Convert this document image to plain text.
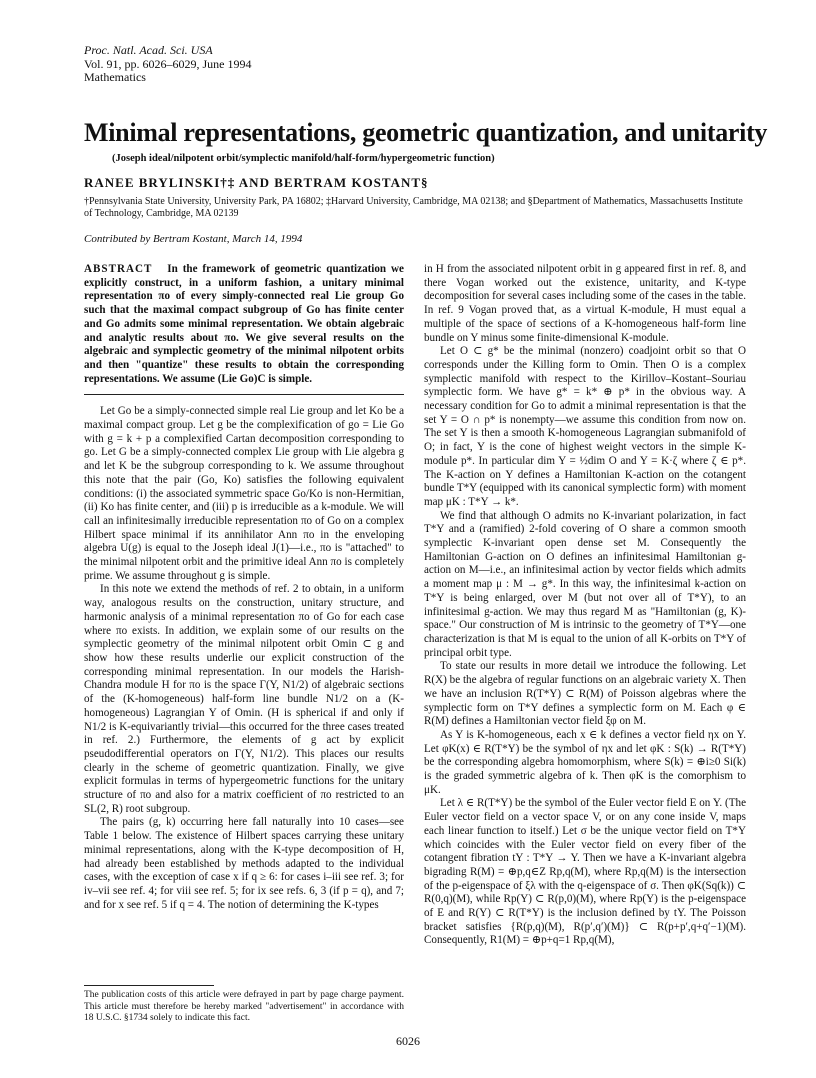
Proc. Natl. Acad. Sci. USA
Vol. 91, pp. 6026–6029, June 1994
Mathematics
Minimal representations, geometric quantization, and unitarity
(Joseph ideal/nilpotent orbit/symplectic manifold/half-form/hypergeometric function)
RANEE BRYLINSKI†‡ AND BERTRAM KOSTANT§
†Pennsylvania State University, University Park, PA 16802; ‡Harvard University, Cambridge, MA 02138; and §Department of Mathematics, Massachusetts Institute of Technology, Cambridge, MA 02139
Contributed by Bertram Kostant, March 14, 1994

ABSTRACT In the framework of geometric quantization we explicitly construct, in a uniform fashion, a unitary minimal representation πo of every simply-connected real Lie group Go such that the maximal compact subgroup of Go has finite center and Go admits some minimal representation. We obtain algebraic and analytic results about πo. We give several results on the algebraic and symplectic geometry of the minimal nilpotent orbits and then "quantize" these results to obtain the corresponding representations. We assume (Lie Go)C is simple.

Let Go be a simply-connected simple real Lie group and let Ko be a maximal compact group. Let g be the complexification of go = Lie Go with g = k + p a complexified Cartan decomposition corresponding to go. Let G be a simply-connected complex Lie group with Lie algebra g and let K be the subgroup corresponding to k. We assume throughout this note that the pair (Go, Ko) satisfies the following equivalent conditions: (i) the associated symmetric space Go/Ko is non-Hermitian, (ii) Ko has finite center, and (iii) p is irreducible as a k-module. We will call an infinitesimally irreducible representation πo of Go on a complex Hilbert space minimal if its annihilator Ann πo in the enveloping algebra U(g) is equal to the Joseph ideal J(1)—i.e., πo is "attached" to the minimal nilpotent orbit and the primitive ideal Ann πo is completely prime. We assume throughout g is simple.

In this note we extend the methods of ref. 2 to obtain, in a uniform way, analogous results on the construction, unitary structure, and harmonic analysis of a minimal representation πo of Go for each case where πo exists. In addition, we explain some of our results on the symplectic geometry of the minimal nilpotent orbit Omin ⊂ g and show how these results underlie our explicit construction of the corresponding minimal representation. In our models the Harish-Chandra module H for πo is the space Γ(Y, N1/2) of algebraic sections of the (K-homogeneous) half-form line bundle N1/2 on a (K-homogeneous) Lagrangian Y of Omin. (H is spherical if and only if N1/2 is K-equivariantly trivial—this occurred for the three cases treated in ref. 2.) Furthermore, the elements of g act by explicit pseudodifferential operators on Γ(Y, N1/2). This places our results clearly in the scheme of geometric quantization. Finally, we give explicit formulas in terms of hypergeometric functions for the unitary structure of πo and also for a matrix coefficient of πo restricted to an SL(2, R) root subgroup.

The pairs (g, k) occurring here fall naturally into 10 cases—see Table 1 below. The existence of Hilbert spaces carrying these unitary minimal representations, along with the K-type decomposition of H, had already been established by methods adapted to the individual cases, with the exception of case x if q ≥ 6: for cases i–iii see ref. 3; for iv–vii see ref. 4; for viii see ref. 5; for ix see refs. 6, 3 (if p = q), and 7; and for x see ref. 5 if q = 4. The notion of determining the K-types

in H from the associated nilpotent orbit in g appeared first in ref. 8, and there Vogan worked out the existence, unitarity, and K-type decomposition for several cases including some of the cases in the table. In ref. 9 Vogan proved that, as a virtual K-module, H must equal a multiple of the space of sections of a K-homogeneous half-form line bundle on Y minus some finite-dimensional K-module.

Let O ⊂ g* be the minimal (nonzero) coadjoint orbit so that O corresponds under the Killing form to Omin. Then O is a complex symplectic manifold with respect to the Kirillov–Kostant–Souriau symplectic form. We have g* = k* ⊕ p* in the obvious way. A necessary condition for Go to admit a minimal representation is that the set Y = O ∩ p* is nonempty—we assume this condition from now on. The set Y is then a smooth K-homogeneous Lagrangian submanifold of O; in fact, Y is the cone of highest weight vectors in the simple K-module p*. In particular dim Y = ½dim O and Y = K·ζ where ζ ∈ p*. The K-action on Y defines a Hamiltonian K-action on the cotangent bundle T*Y (equipped with its canonical symplectic form) with moment map μK : T*Y → k*.

We find that although O admits no K-invariant polarization, in fact T*Y and a (ramified) 2-fold covering of O share a common smooth symplectic K-invariant open dense set M. Consequently the Hamiltonian G-action on O defines an infinitesimal Hamiltonian g-action on M—i.e., an infinitesimal action by vector fields which admits a moment map μ : M → g*. In this way, the infinitesimal k-action on T*Y is being enlarged, over M (but not over all of T*Y), to an infinitesimal g-action. We may thus regard M as "Hamiltonian (g, K)-space." Our construction of M is intrinsic to the geometry of T*Y—one characterization is that M is equal to the union of all K-orbits on T*Y of principal orbit type.

To state our results in more detail we introduce the following. Let R(X) be the algebra of regular functions on an algebraic variety X. Then we have an inclusion R(T*Y) ⊂ R(M) of Poisson algebras where the symplectic form on T*Y defines a symplectic form on M. Each φ ∈ R(M) defines a Hamiltonian vector field ξφ on M.

As Y is K-homogeneous, each x ∈ k defines a vector field ηx on Y. Let φK(x) ∈ R(T*Y) be the symbol of ηx and let φK : S(k) → R(T*Y) be the corresponding algebra homomorphism, where S(k) = ⊕i≥0 Si(k) is the graded symmetric algebra of k. Then φK is the comorphism to μK.

Let λ ∈ R(T*Y) be the symbol of the Euler vector field E on Y. (The Euler vector field on a vector space V, or on any cone inside V, maps each linear function to itself.) Let σ be the unique vector field on T*Y which coincides with the Euler vector field on every fiber of the cotangent fibration tY : T*Y → Y. Then we have a K-invariant algebra bigrading R(M) = ⊕p,q∈Z Rp,q(M), where Rp,q(M) is the intersection of the p-eigenspace of ξλ with the q-eigenspace of σ. Then φK(Sq(k)) ⊂ R(0,q)(M), while Rp(Y) ⊂ R(p,0)(M), where Rp(Y) is the p-eigenspace of E and R(Y) ⊂ R(T*Y) is the inclusion defined by tY. The Poisson bracket satisfies {R(p,q)(M), R(p′,q′)(M)} ⊂ R(p+p′,q+q′−1)(M). Consequently, R1(M) = ⊕p+q=1 Rp,q(M),

The publication costs of this article were defrayed in part by page charge payment. This article must therefore be hereby marked "advertisement" in accordance with 18 U.S.C. §1734 solely to indicate this fact.
6026
